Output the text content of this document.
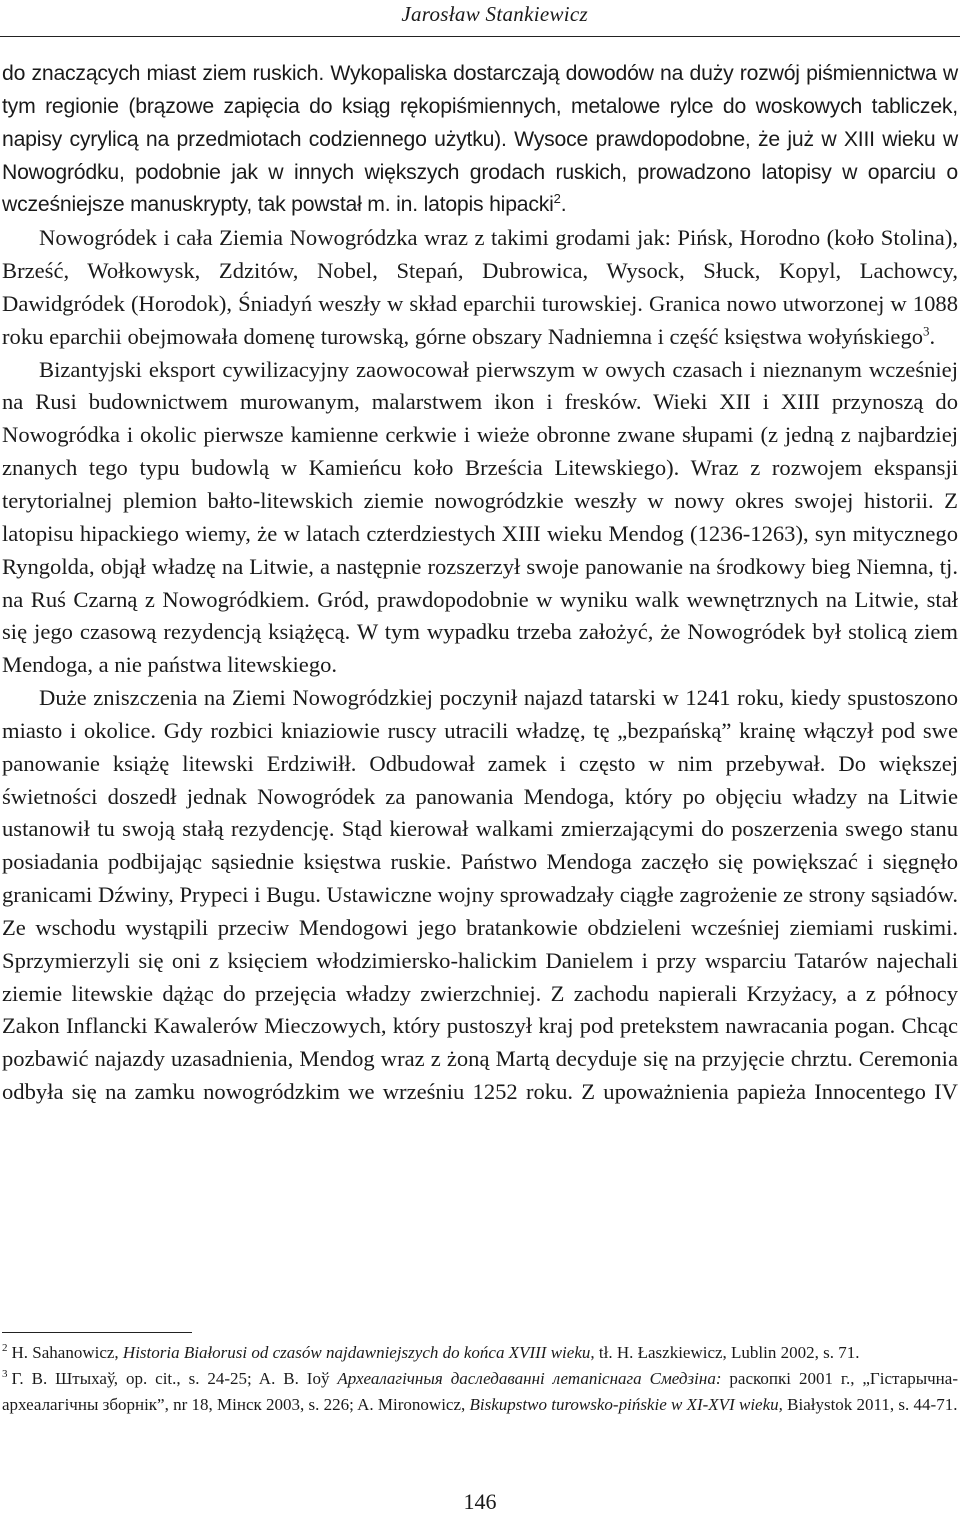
Jarosław Stankiewicz

do znaczących miast ziem ruskich. Wykopaliska dostarczają dowodów na duży rozwój piśmiennictwa w tym regionie (brązowe zapięcia do ksiąg rękopiśmiennych, metalowe rylce do woskowych tabliczek, napisy cyrylicą na przedmiotach codziennego użytku). Wysoce prawdopodobne, że już w XIII wieku w Nowogródku, podobnie jak w innych większych grodach ruskich, prowadzono latopisy w oparciu o wcześniejsze manuskrypty, tak powstał m. in. latopis hipacki$^2$.

Nowogródek i cała Ziemia Nowogródzka wraz z takimi grodami jak: Pińsk, Horodno (koło Stolina), Brześć, Wołkowysk, Zdzitów, Nobel, Stepań, Dubrowica, Wysock, Słuck, Kopyl, Lachowcy, Dawidgródek (Horodok), Śniadyń weszły w skład eparchii turowskiej. Granica nowo utworzonej w 1088 roku eparchii obejmowała domenę turowską, górne obszary Nadniemna i część księstwa wołyńskiego$^3$.

Bizantyjski eksport cywilizacyjny zaowocował pierwszym w owych czasach i nieznanym wcześniej na Rusi budownictwem murowanym, malarstwem ikon i fresków. Wieki XII i XIII przynoszą do Nowogródka i okolic pierwsze kamienne cerkwie i wieże obronne zwane słupami (z jedną z najbardziej znanych tego typu budowlą w Kamieńcu koło Brześcia Litewskiego). Wraz z rozwojem ekspansji terytorialnej plemion bałto-litewskich ziemie nowogródzkie weszły w nowy okres swojej historii. Z latopisu hipackiego wiemy, że w latach czterdziestych XIII wieku Mendog (1236-1263), syn mitycznego Ryngolda, objął władzę na Litwie, a następnie rozszerzył swoje panowanie na środkowy bieg Niemna, tj. na Ruś Czarną z Nowogródkiem. Gród, prawdopodobnie w wyniku walk wewnętrznych na Litwie, stał się jego czasową rezydencją książęcą. W tym wypadku trzeba założyć, że Nowogródek był stolicą ziem Mendoga, a nie państwa litewskiego.

Duże zniszczenia na Ziemi Nowogródzkiej poczynił najazd tatarski w 1241 roku, kiedy spustoszono miasto i okolice. Gdy rozbici kniaziowie ruscy utracili władzę, tę „bezpańską” krainę włączył pod swe panowanie książę litewski Erdziwiłł. Odbudował zamek i często w nim przebywał. Do większej świetności doszedł jednak Nowogródek za panowania Mendoga, który po objęciu władzy na Litwie ustanowił tu swoją stałą rezydencję. Stąd kierował walkami zmierzającymi do poszerzenia swego stanu posiadania podbijając sąsiednie księstwa ruskie. Państwo Mendoga zaczęło się powiększać i sięgnęło granicami Dźwiny, Prypeci i Bugu. Ustawiczne wojny sprowadzały ciągłe zagrożenie ze strony sąsiadów. Ze wschodu wystąpili przeciw Mendogowi jego bratankowie obdzieleni wcześniej ziemiami ruskimi. Sprzymierzyli się oni z księciem włodzimiersko-halickim Danielem i przy wsparciu Tatarów najechali ziemie litewskie dążąc do przejęcia władzy zwierzchniej. Z zachodu napierali Krzyżacy, a z północy Zakon Inflancki Kawalerów Mieczowych, który pustoszył kraj pod pretekstem nawracania pogan. Chcąc pozbawić najazdy uzasadnienia, Mendog wraz z żoną Martą decyduje się na przyjęcie chrztu. Ceremonia odbyła się na zamku nowogródzkim we wrześniu 1252 roku. Z upoważnienia papieża Innocentego IV

$^2$ H. Sahanowicz, Historia Białorusi od czasów najdawniejszych do końca XVIII wieku, tł. H. Łaszkiewicz, Lublin 2002, s. 71.

$^3$ Г. В. Штыхаў, op. cit., s. 24-25; A. B. Іоў Археалагічныя даследаванні летапіснага Смедзіна: раскопкі 2001 г., „Гістарычна-археалагічны зборнік”, nr 18, Мінск 2003, s. 226; A. Mironowicz, Biskupstwo turowsko-pińskie w XI-XVI wieku, Białystok 2011, s. 44-71.

146
